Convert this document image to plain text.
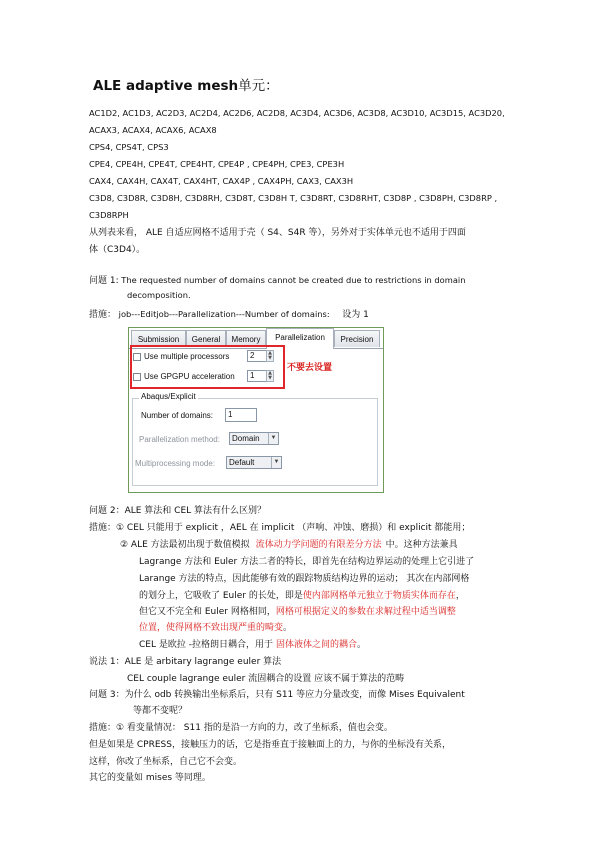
ALE adaptive mesh单元：
AC1D2, AC1D3, AC2D3, AC2D4, AC2D6, AC2D8, AC3D4, AC3D6, AC3D8, AC3D10, AC3D15, AC3D20,
ACAX3, ACAX4, ACAX6, ACAX8
CPS4, CPS4T, CPS3
CPE4, CPE4H, CPE4T, CPE4HT, CPE4P , CPE4PH, CPE3, CPE3H
CAX4, CAX4H, CAX4T, CAX4HT, CAX4P , CAX4PH, CAX3, CAX3H
C3D8, C3D8R, C3D8H, C3D8RH, C3D8T, C3D8H T, C3D8RT, C3D8RHT, C3D8P , C3D8PH, C3D8RP ,
C3D8RPH
从列表来看， ALE 自适应网格不适用于壳（ S4、S4R 等），另外对于实体单元也不适用于四面
体（C3D4）。
问题 1: The requested number of domains cannot be created due to restrictions in domain
decomposition.
措施： job---Editjob---Parallelization---Number of domains: 设为 1
Submission	General	Memory	Parallelization	Precision
Use multiple processors	2	▲
▼
Use GPGPU acceleration	1	▲
▼
Abaqus/Explicit
Number of domains:	1
Parallelization method:	Domain	▼
Multiprocessing mode:	Default	▼
不要去设置
问题 2：ALE 算法和 CEL 算法有什么区别？
措施：① CEL 只能用于 explicit ，AEL 在 implicit （声响、冲蚀、磨损）和 explicit 都能用；
② ALE 方法最初出现于数值模拟 流体动力学问题的有限差分方法 中。这种方法兼具
Lagrange 方法和 Euler 方法二者的特长，即首先在结构边界运动的处理上它引进了
Larange 方法的特点，因此能够有效的跟踪物质结构边界的运动； 其次在内部网格
的划分上，它吸收了 Euler 的长处，即是使内部网格单元独立于物质实体而存在，
但它又不完全和 Euler 网格相同，网格可根据定义的参数在求解过程中适当调整
位置，使得网格不致出现严重的畸变。
CEL 是欧拉 -拉格朗日耦合，用于 固体液体之间的耦合。
说法 1：ALE 是 arbitary lagrange euler 算法
CEL couple lagrange euler 流固耦合的设置 应该不属于算法的范畴
问题 3：为什么 odb 转换输出坐标系后，只有 S11 等应力分量改变，而像 Mises Equivalent
等都不变呢？
措施：① 看变量情况： S11 指的是沿一方向的力，改了坐标系，值也会变。
但是如果是 CPRESS，接触压力的话，它是指垂直于接触面上的力，与你的坐标没有关系，
这样，你改了坐标系，自己它不会变。
其它的变量如 mises 等同理。
